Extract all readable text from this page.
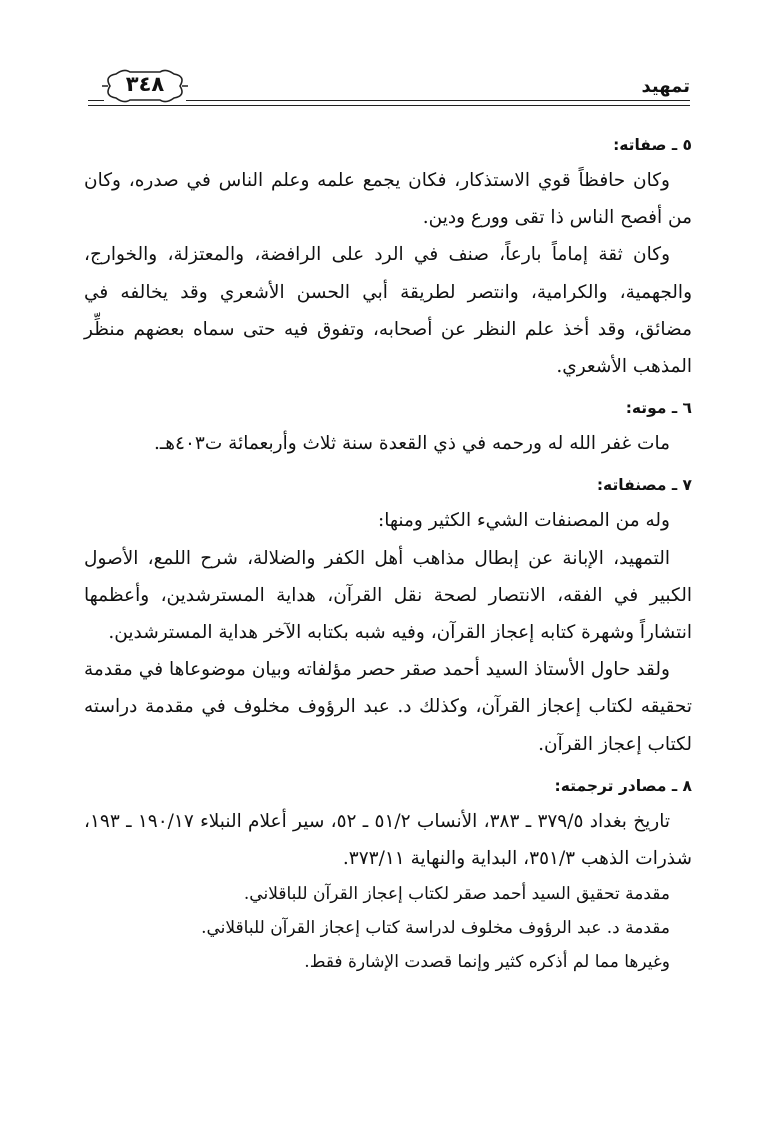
تمهيد
٣٤٨
٥ ـ صفاته:

وكان حافظاً قوي الاستذكار، فكان يجمع علمه وعلم الناس في صدره، وكان من أفصح الناس ذا تقى وورع ودين.

وكان ثقة إماماً بارعاً، صنف في الرد على الرافضة، والمعتزلة، والخوارج، والجهمية، والكرامية، وانتصر لطريقة أبي الحسن الأشعري وقد يخالفه في مضائق، وقد أخذ علم النظر عن أصحابه، وتفوق فيه حتى سماه بعضهم منظِّر المذهب الأشعري.

٦ ـ موته:

مات غفر الله له ورحمه في ذي القعدة سنة ثلاث وأربعمائة ت٤٠٣هـ.

٧ ـ مصنفاته:

وله من المصنفات الشيء الكثير ومنها:

التمهيد، الإبانة عن إبطال مذاهب أهل الكفر والضلالة، شرح اللمع، الأصول الكبير في الفقه، الانتصار لصحة نقل القرآن، هداية المسترشدين، وأعظمها انتشاراً وشهرة كتابه إعجاز القرآن، وفيه شبه بكتابه الآخر هداية المسترشدين.

ولقد حاول الأستاذ السيد أحمد صقر حصر مؤلفاته وبيان موضوعاها في مقدمة تحقيقه لكتاب إعجاز القرآن، وكذلك د. عبد الرؤوف مخلوف في مقدمة دراسته لكتاب إعجاز القرآن.

٨ ـ مصادر ترجمته:

تاريخ بغداد ٣٧٩/٥ ـ ٣٨٣، الأنساب ٥١/٢ ـ ٥٢، سير أعلام النبلاء ١٩٠/١٧ ـ ١٩٣، شذرات الذهب ٣٥١/٣، البداية والنهاية ٣٧٣/١١.

مقدمة تحقيق السيد أحمد صقر لكتاب إعجاز القرآن للباقلاني.

مقدمة د. عبد الرؤوف مخلوف لدراسة كتاب إعجاز القرآن للباقلاني.

وغيرها مما لم أذكره كثير وإنما قصدت الإشارة فقط.
